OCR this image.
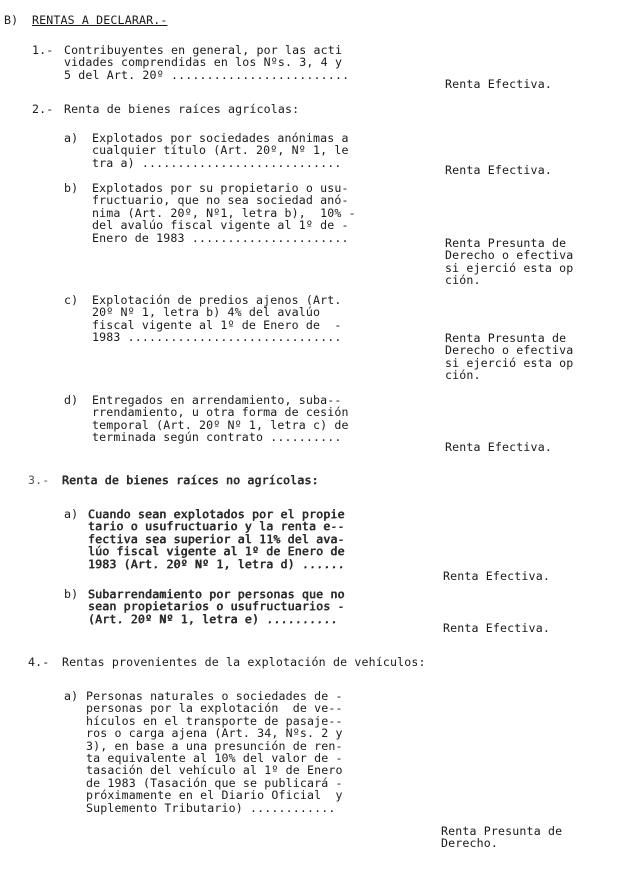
B) RENTAS A DECLARAR.-
1.- Contribuyentes en general, por las acti
vidades comprendidas en los Nºs. 3, 4 y
5 del Art. 20º .........................
Renta Efectiva.
2.- Renta de bienes raíces agrícolas:
a) Explotados por sociedades anónimas a
cualquier título (Art. 20º, Nº 1, le
tra a) ............................
Renta Efectiva.
b) Explotados por su propietario o usu-
fructuario, que no sea sociedad anó-
nima (Art. 20º, Nº1, letra b),  10% -
del avalúo fiscal vigente al 1º de -
Enero de 1983 ......................	Renta Presunta de
Derecho o efectiva
si ejerció esta op
ción.
c) Explotación de predios ajenos (Art.
20º Nº 1, letra b) 4% del avalúo
fiscal vigente al 1º de Enero de  -
1983 ..............................	Renta Presunta de
Derecho o efectiva
si ejerció esta op
ción.
d) Entregados en arrendamiento, suba--
rrendamiento, u otra forma de cesión
temporal (Art. 20º Nº 1, letra c) de
terminada según contrato ..........
Renta Efectiva.
3.- Renta de bienes raíces no agrícolas:
a) Cuando sean explotados por el propie
tario o usufructuario y la renta e--
fectiva sea superior al 11% del ava-
lúo fiscal vigente al 1º de Enero de
1983 (Art. 20º Nº 1, letra d) ......
Renta Efectiva.
b) Subarrendamiento por personas que no
sean propietarios o usufructuarios -
(Art. 20º Nº 1, letra e) ..........
Renta Efectiva.
4.- Rentas provenientes de la explotación de vehículos:
a) Personas naturales o sociedades de -
personas por la explotación  de ve--
hículos en el transporte de pasaje--
ros o carga ajena (Art. 34, Nºs. 2 y
3), en base a una presunción de ren-
ta equivalente al 10% del valor de -
tasación del vehículo al 1º de Enero
de 1983 (Tasación que se publicará -
próximamente en el Diario Oficial  y
Suplemento Tributario) ............
Renta Presunta de
Derecho.
